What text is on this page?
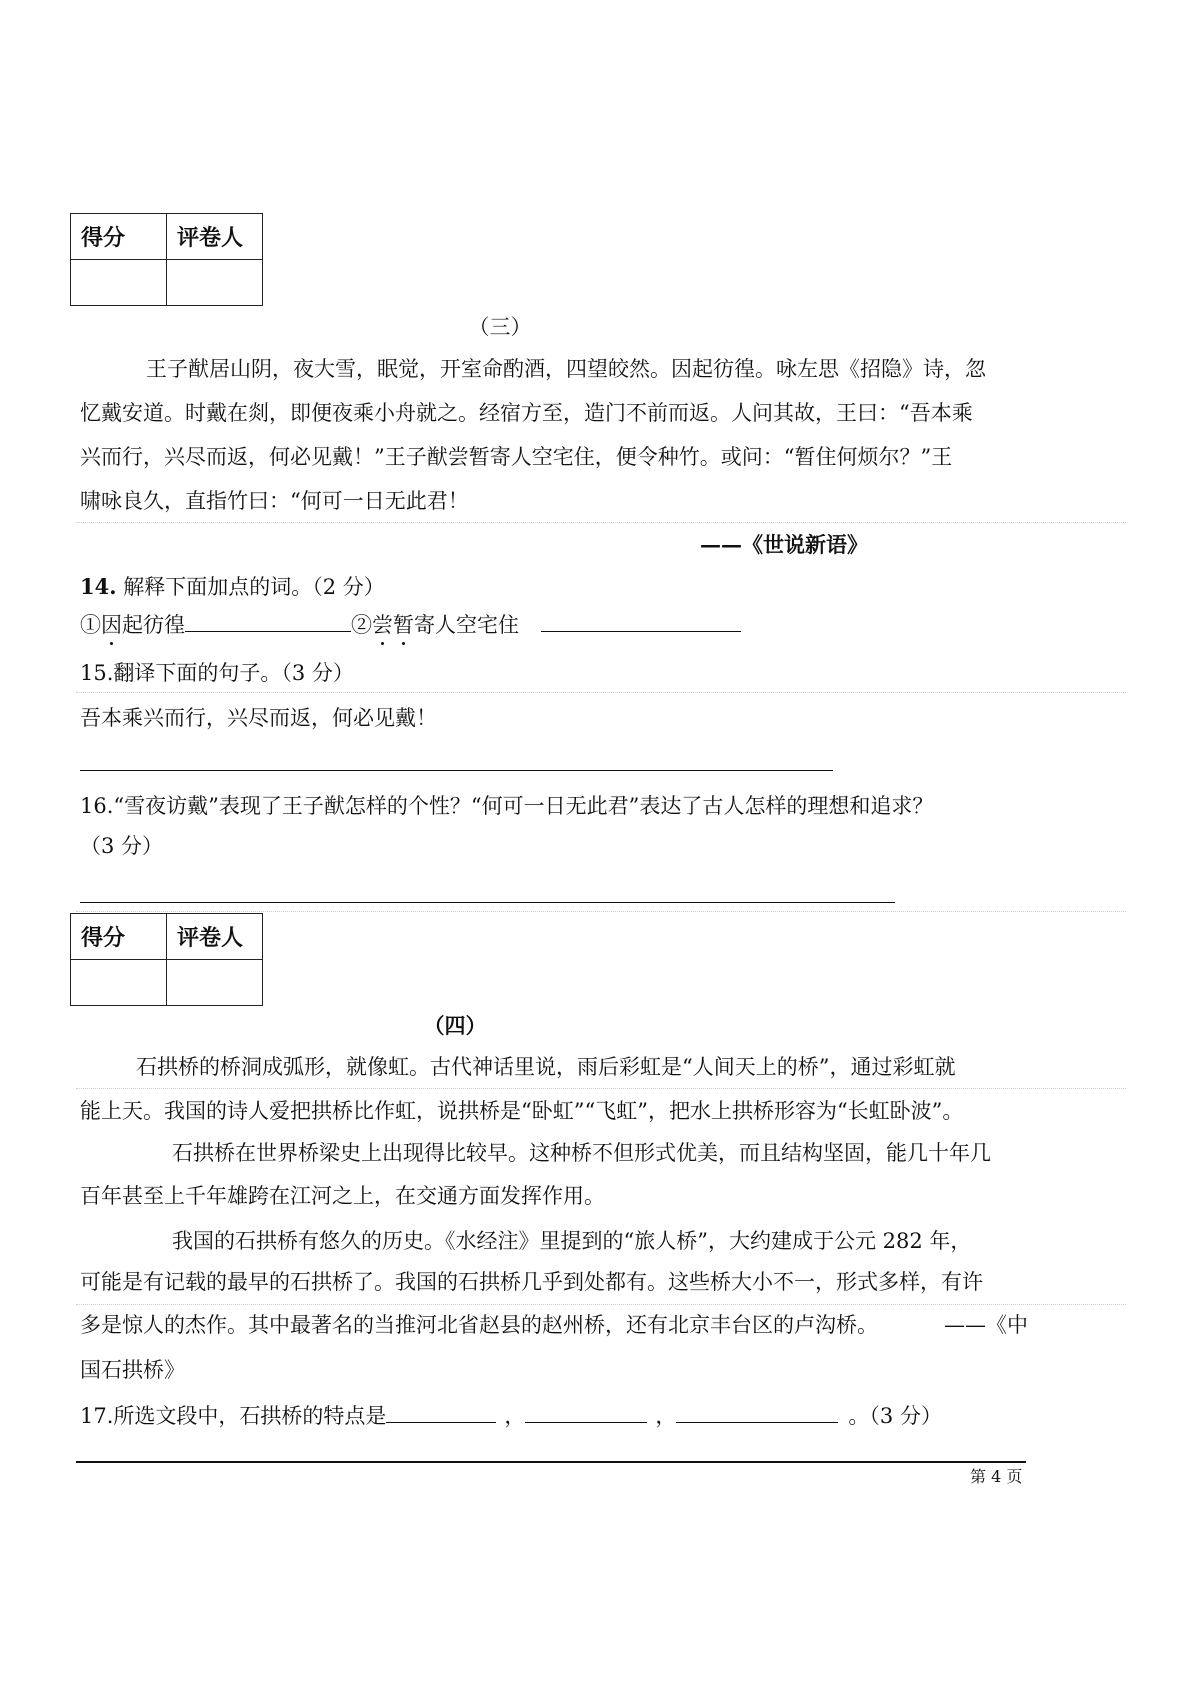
得分	评卷人

（三）
王子猷居山阴，夜大雪，眠觉，开室命酌酒，四望皎然。因起彷徨。咏左思《招隐》诗，忽
忆戴安道。时戴在剡，即便夜乘小舟就之。经宿方至，造门不前而返。人问其故，王曰：“吾本乘
兴而行，兴尽而返，何必见戴！”王子猷尝暂寄人空宅住，便令种竹。或问：“暂住何烦尔？”王
啸咏良久，直指竹曰：“何可一日无此君！
——《世说新语》
14. 解释下面加点的词。（2 分）
①因起彷徨	②尝暂寄人空宅住
15.翻译下面的句子。（3 分）
吾本乘兴而行，兴尽而返，何必见戴！
16.“雪夜访戴”表现了王子猷怎样的个性？“何可一日无此君”表达了古人怎样的理想和追求？
（3 分）
得分	评卷人

（四）
石拱桥的桥洞成弧形，就像虹。古代神话里说，雨后彩虹是“人间天上的桥”，通过彩虹就
能上天。我国的诗人爱把拱桥比作虹，说拱桥是“卧虹”“飞虹”，把水上拱桥形容为“长虹卧波”。
石拱桥在世界桥梁史上出现得比较早。这种桥不但形式优美，而且结构坚固，能几十年几
百年甚至上千年雄跨在江河之上，在交通方面发挥作用。
我国的石拱桥有悠久的历史。《水经注》里提到的“旅人桥”，大约建成于公元 282 年，
可能是有记载的最早的石拱桥了。我国的石拱桥几乎到处都有。这些桥大小不一，形式多样，有许
多是惊人的杰作。其中最著名的当推河北省赵县的赵州桥，还有北京丰台区的卢沟桥。	——《中
国石拱桥》
17.所选文段中，石拱桥的特点是	，	，	。（3 分）
第 4 页
